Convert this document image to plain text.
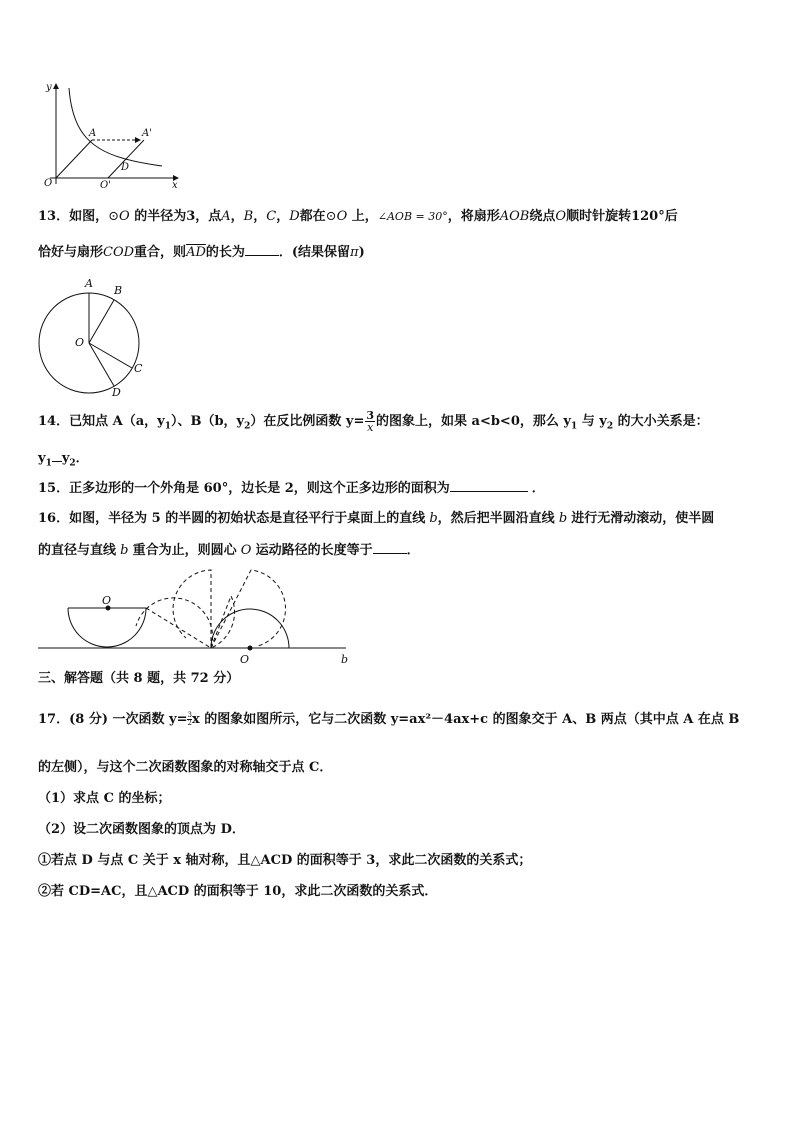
y
x
O
A	A'
D
O'
13．如图，⊙O 的半径为3，点A，B，C，D都在⊙O 上，∠AOB = 30°，将扇形AOB绕点O顺时针旋转120°后
恰好与扇形COD重合，则$\overline{AD}$的长为	．(结果保留π)
A
B
O
C
D
14．已知点 A（a，$y_1$）、B（b，$y_2$）在反比例函数 $y= \frac{3}{x}$ 的图象上，如果 a<b<0，那么 $y_1$ 与 $y_2$ 的大小关系是：
$y_1$ $y_2$．
15．正多边形的一个外角是 60°，边长是 2，则这个正多边形的面积为	．
16．如图，半径为 5 的半圆的初始状态是直径平行于桌面上的直线 b，然后把半圆沿直线 b 进行无滑动滚动，使半圆
的直径与直线 b 重合为止，则圆心 O 运动路径的长度等于	．
O
O	b
三、解答题（共 8 题，共 72 分）
17．(8 分) 一次函数 $y= \frac{3}{2}$ x 的图象如图所示，它与二次函数 y=ax²－4ax+c 的图象交于 A、B 两点（其中点 A 在点 B
的左侧），与这个二次函数图象的对称轴交于点 C．
（1）求点 C 的坐标；
（2）设二次函数图象的顶点为 D．
①若点 D 与点 C 关于 x 轴对称，且△ACD 的面积等于 3，求此二次函数的关系式；
②若 CD=AC，且△ACD 的面积等于 10，求此二次函数的关系式．
